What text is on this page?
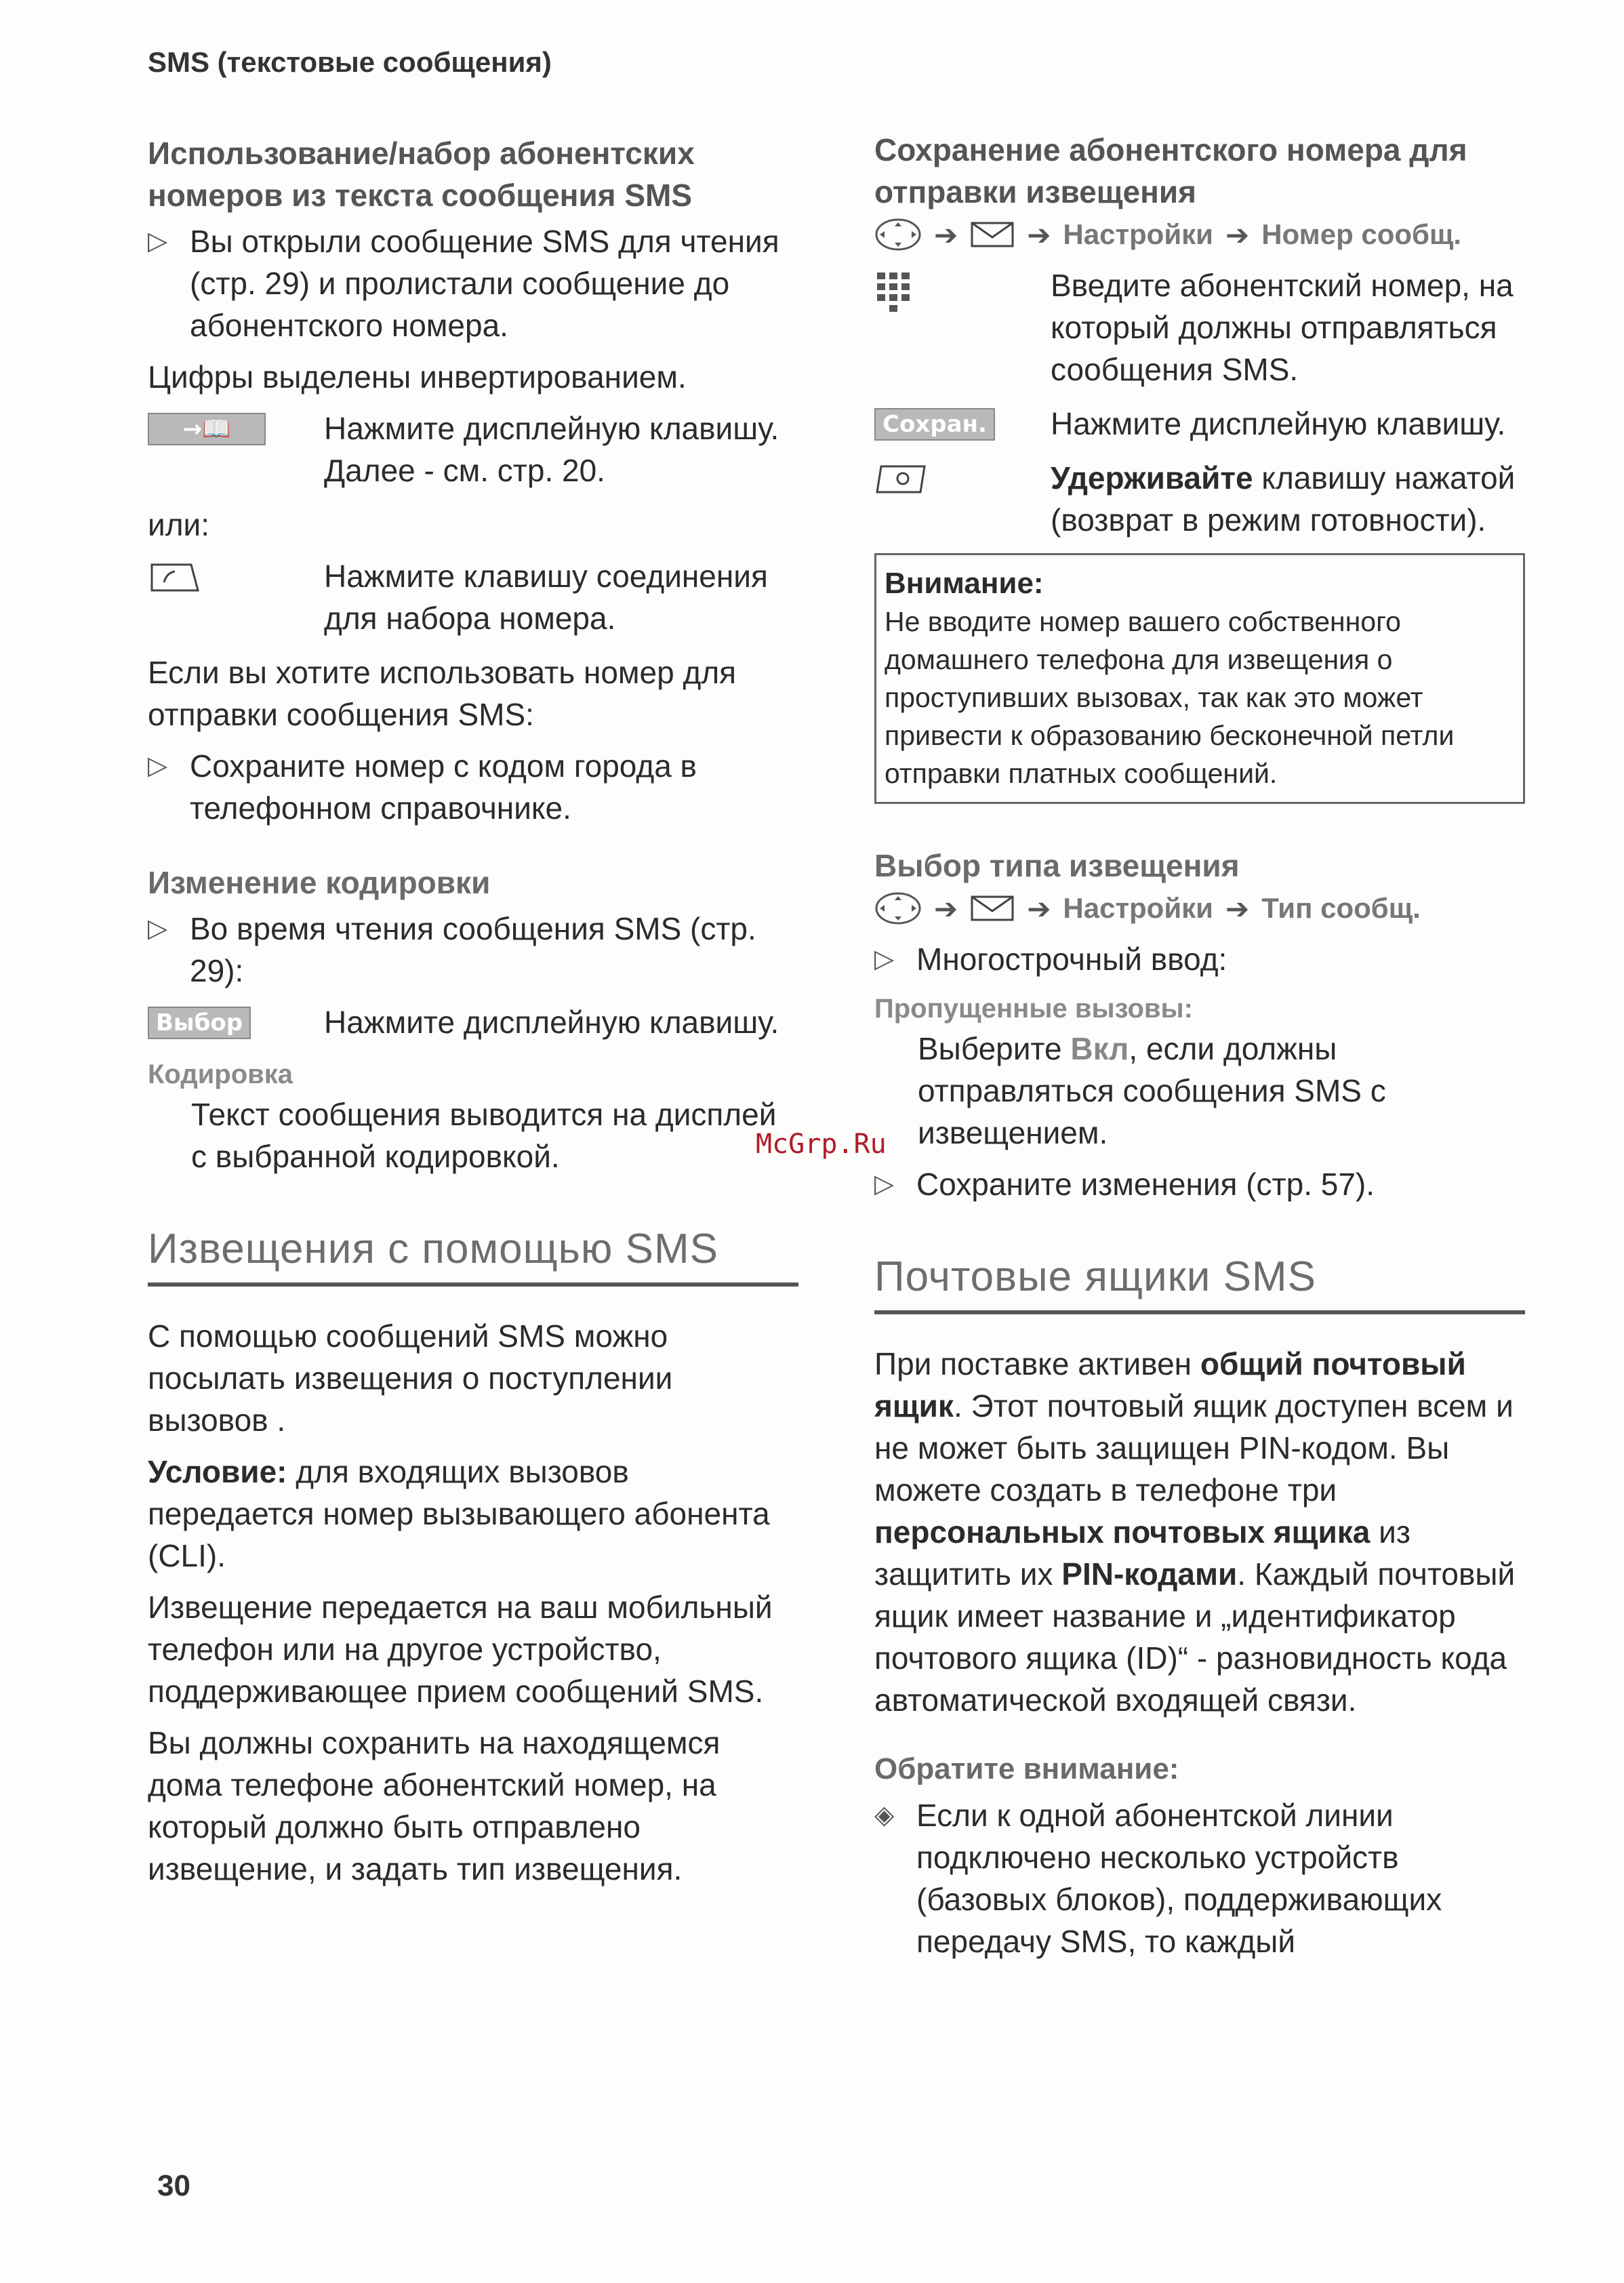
SMS (текстовые сообщения)
Использование/набор абонентских номеров из текста сообщения SMS
▷ Вы открыли сообщение SMS для чтения (стр. 29) и пролистали сообщение до абонентского номера.
Цифры выделены инвертированием.
→📖	Нажмите дисплейную клавишу. Далее - см. стр. 20.
или:
Нажмите клавишу соединения для набора номера.
Если вы хотите использовать номер для отправки сообщения SMS:
▷ Сохраните номер с кодом города в телефонном справочнике.
Изменение кодировки
▷ Во время чтения сообщения SMS (стр. 29):
Выбор	Нажмите дисплейную клавишу.
Кодировка
Текст сообщения выводится на дисплей с выбранной кодировкой.
Извещения с помощью SMS
С помощью сообщений SMS можно посылать извещения о поступлении вызовов .
Условие: для входящих вызовов передается номер вызывающего абонента (CLI).
Извещение передается на ваш мобильный телефон или на другое устройство, поддерживающее прием сообщений SMS.
Вы должны сохранить на находящемся дома телефоне абонентский номер, на который должно быть отправлено извещение, и задать тип извещения.
Сохранение абонентского номера для отправки извещения
➔ ➔ Настройки ➔ Номер сообщ.
Введите абонентский номер, на который должны отправляться сообщения SMS.
Сохран.	Нажмите дисплейную клавишу.
Удерживайте клавишу нажатой (возврат в режим готовности).
Внимание:
Не вводите номер вашего собственного домашнего телефона для извещения о проступивших вызовах, так как это может привести к образованию бесконечной петли отправки платных сообщений.
Выбор типа извещения
➔ ➔ Настройки ➔ Тип сообщ.
▷ Многострочный ввод:
Пропущенные вызовы:
Выберите Вкл, если должны отправляться сообщения SMS с извещением.
▷ Сохраните изменения (стр. 57).
Почтовые ящики SMS
При поставке активен общий почтовый ящик. Этот почтовый ящик доступен всем и не может быть защищен PIN-кодом. Вы можете создать в телефоне три персональных почтовых ящика из защитить их PIN-кодами. Каждый почтовый ящик имеет название и „идентификатор почтового ящика (ID)“ - разновидность кода автоматической входящей связи.
Обратите внимание:
◈ Если к одной абонентской линии подключено несколько устройств (базовых блоков), поддерживающих передачу SMS, то каждый
McGrp.Ru
30
